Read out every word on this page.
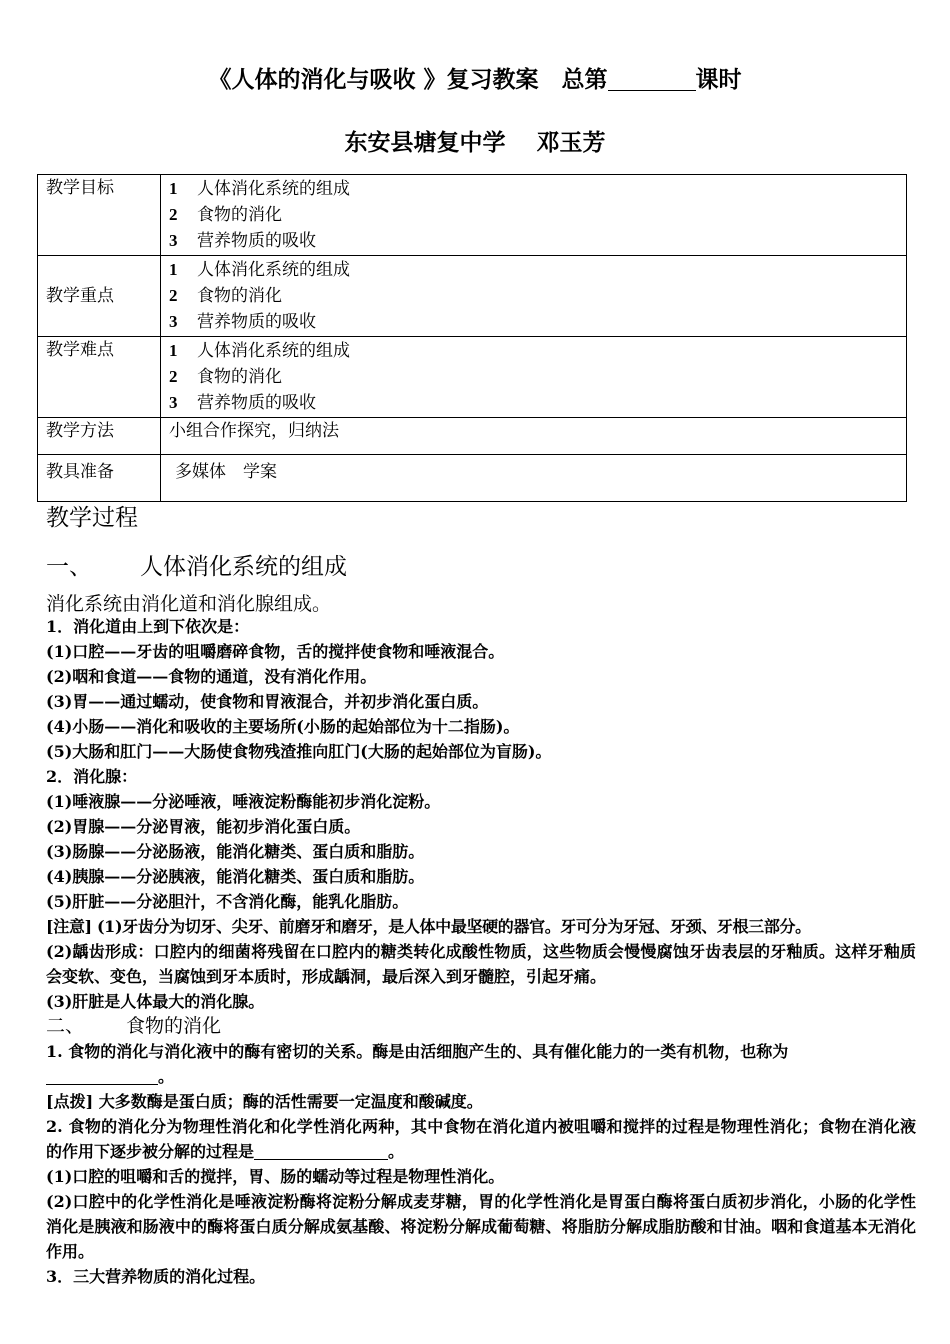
《人体的消化与吸收 》复习教案　总第	课时
东安县塘复中学　 邓玉芳
教学目标	1 人体消化系统的组成
2 食物的消化
3 营养物质的吸收

教学重点	1 人体消化系统的组成
2 食物的消化
3 营养物质的吸收

教学难点	1 人体消化系统的组成
2 食物的消化
3 营养物质的吸收

教学方法	小组合作探究，归纳法
教具准备	多媒体　学案
教学过程
一、 人体消化系统的组成
消化系统由消化道和消化腺组成。

1．消化道由上到下依次是：

(1)口腔——牙齿的咀嚼磨碎食物，舌的搅拌使食物和唾液混合。

(2)咽和食道——食物的通道，没有消化作用。

(3)胃——通过蠕动，使食物和胃液混合，并初步消化蛋白质。

(4)小肠——消化和吸收的主要场所(小肠的起始部位为十二指肠)。

(5)大肠和肛门——大肠使食物残渣推向肛门(大肠的起始部位为盲肠)。

2．消化腺：

(1)唾液腺——分泌唾液，唾液淀粉酶能初步消化淀粉。

(2)胃腺——分泌胃液，能初步消化蛋白质。

(3)肠腺——分泌肠液，能消化糖类、蛋白质和脂肪。

(4)胰腺——分泌胰液，能消化糖类、蛋白质和脂肪。

(5)肝脏——分泌胆汁，不含消化酶，能乳化脂肪。

[注意] (1)牙齿分为切牙、尖牙、前磨牙和磨牙，是人体中最坚硬的器官。牙可分为牙冠、牙颈、牙根三部分。

(2)龋齿形成：口腔内的细菌将残留在口腔内的糖类转化成酸性物质，这些物质会慢慢腐蚀牙齿表层的牙釉质。这样牙釉质会变软、变色，当腐蚀到牙本质时，形成龋洞，最后深入到牙髓腔，引起牙痛。

(3)肝脏是人体最大的消化腺。

二、 食物的消化

1. 食物的消化与消化液中的酶有密切的关系。酶是由活细胞产生的、具有催化能力的一类有机物，也称为
。

[点拨] 大多数酶是蛋白质；酶的活性需要一定温度和酸碱度。

2. 食物的消化分为物理性消化和化学性消化两种，其中食物在消化道内被咀嚼和搅拌的过程是物理性消化；食物在消化液的作用下逐步被分解的过程是	。

(1)口腔的咀嚼和舌的搅拌，胃、肠的蠕动等过程是物理性消化。

(2)口腔中的化学性消化是唾液淀粉酶将淀粉分解成麦芽糖，胃的化学性消化是胃蛋白酶将蛋白质初步消化，小肠的化学性消化是胰液和肠液中的酶将蛋白质分解成氨基酸、将淀粉分解成葡萄糖、将脂肪分解成脂肪酸和甘油。咽和食道基本无消化作用。

3．三大营养物质的消化过程。
